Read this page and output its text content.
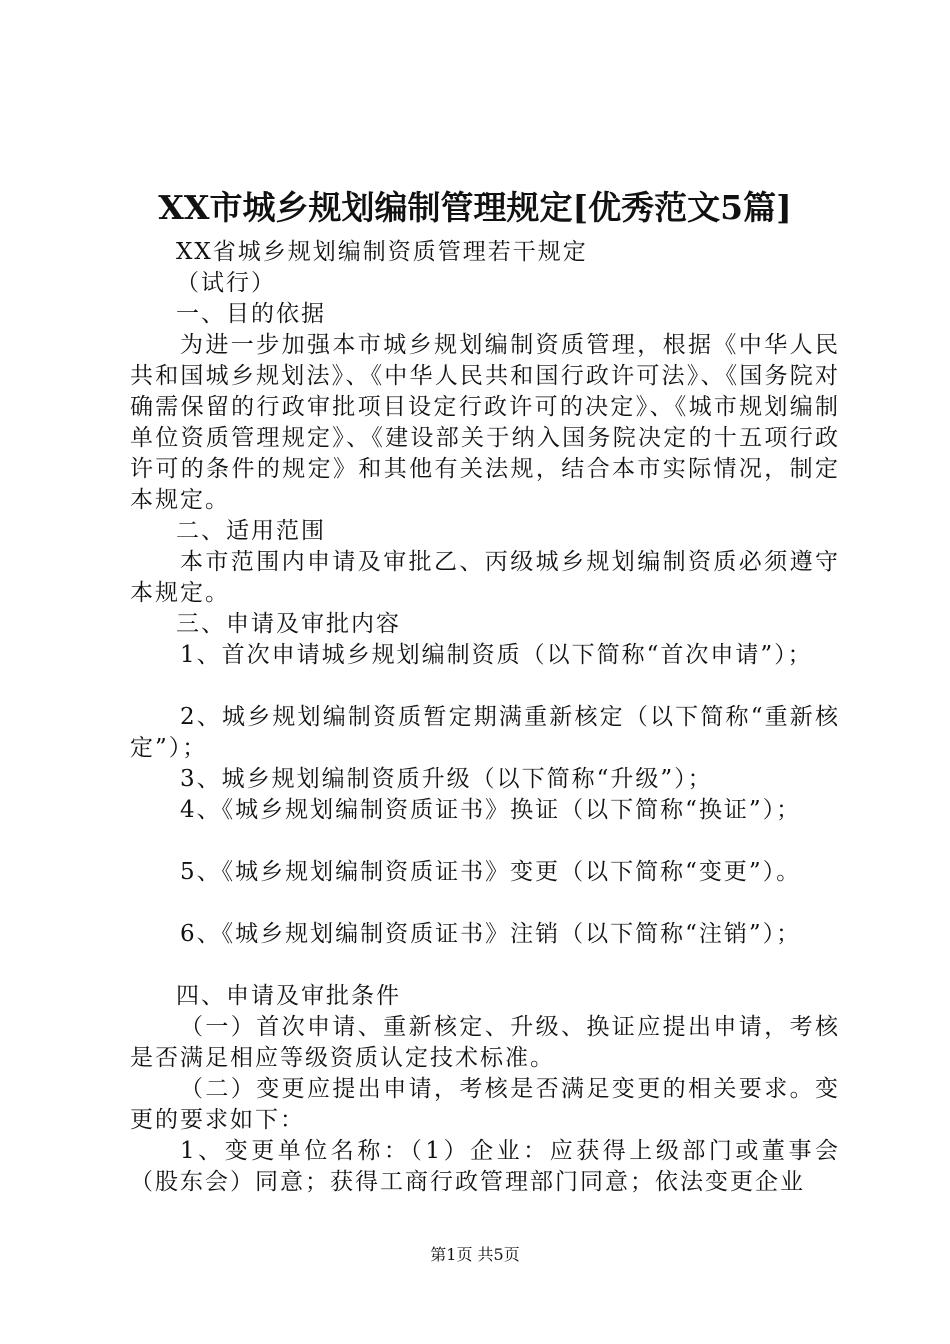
XX市城乡规划编制管理规定[优秀范文5篇]

XX省城乡规划编制资质管理若干规定

（试行）

一、目的依据

为进一步加强本市城乡规划编制资质管理，根据《中华人民共和国城乡规划法》、《中华人民共和国行政许可法》、《国务院对确需保留的行政审批项目设定行政许可的决定》、《城市规划编制单位资质管理规定》、《建设部关于纳入国务院决定的十五项行政许可的条件的规定》和其他有关法规，结合本市实际情况，制定本规定。

二、适用范围

本市范围内申请及审批乙、丙级城乡规划编制资质必须遵守本规定。

三、申请及审批内容

1、首次申请城乡规划编制资质（以下简称“首次申请”）；

2、城乡规划编制资质暂定期满重新核定（以下简称“重新核定”）；

3、城乡规划编制资质升级（以下简称“升级”）；

4、《城乡规划编制资质证书》换证（以下简称“换证”）；

5、《城乡规划编制资质证书》变更（以下简称“变更”）。

6、《城乡规划编制资质证书》注销（以下简称“注销”）；

四、申请及审批条件

（一）首次申请、重新核定、升级、换证应提出申请，考核是否满足相应等级资质认定技术标准。

（二）变更应提出申请，考核是否满足变更的相关要求。变更的要求如下：

1、变更单位名称：（1）企业：应获得上级部门或董事会（股东会）同意；获得工商行政管理部门同意；依法变更企业

第1页 共5页
